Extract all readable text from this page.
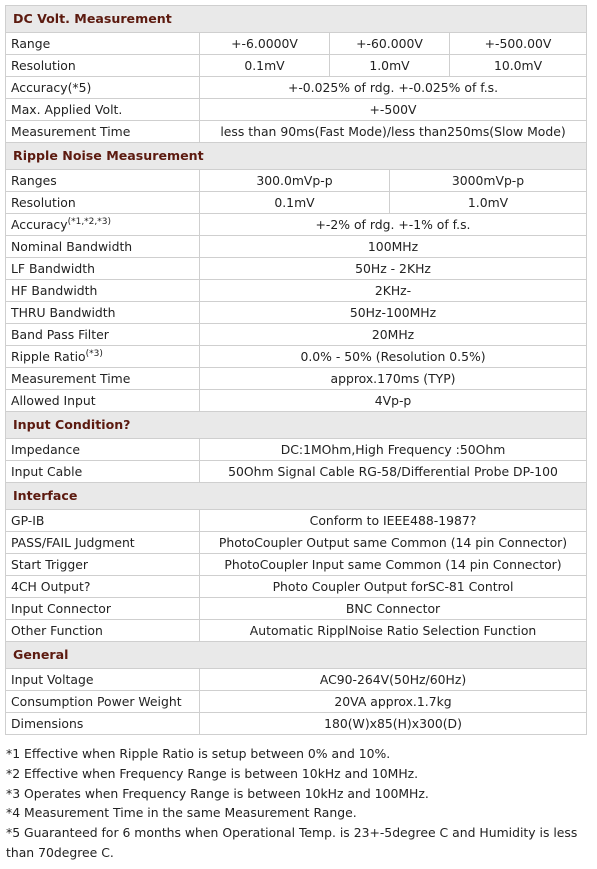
DC Volt. Measurement				
Range	+-6.0000V	+-60.000V		+-500.00V
Resolution	0.1mV	1.0mV		10.0mV
Accuracy(*5)	+-0.025% of rdg. +-0.025% of f.s.			
Max. Applied Volt.	+-500V			
Measurement Time	less than 90ms(Fast Mode)/less than250ms(Slow Mode)			
Ripple Noise Measurement				
Ranges	300.0mVp-p		3000mVp-p	
Resolution	0.1mV		1.0mV	
Accuracy$^{(*1,*2,*3)}$	+-2% of rdg. +-1% of f.s.			
Nominal Bandwidth	100MHz			
LF Bandwidth	50Hz - 2KHz			
HF Bandwidth	2KHz-			
THRU Bandwidth	50Hz-100MHz			
Band Pass Filter	20MHz			
Ripple Ratio$^{(*3)}$	0.0% - 50% (Resolution 0.5%)			
Measurement Time	approx.170ms (TYP)			
Allowed Input	4Vp-p			
Input Condition?				
Impedance	DC:1MOhm,High Frequency :50Ohm			
Input Cable	50Ohm Signal Cable RG-58/Differential Probe DP-100			
Interface				
GP-IB	Conform to IEEE488-1987?			
PASS/FAIL Judgment	PhotoCoupler Output same Common (14 pin Connector)			
Start Trigger	PhotoCoupler Input same Common (14 pin Connector)			
4CH Output?	Photo Coupler Output forSC-81 Control			
Input Connector	BNC Connector			
Other Function	Automatic RipplNoise Ratio Selection Function			
General				
Input Voltage	AC90-264V(50Hz/60Hz)			
Consumption Power Weight	20VA approx.1.7kg			
Dimensions	180(W)x85(H)x300(D)			
*1 Effective when Ripple Ratio is setup between 0% and 10%.
*2 Effective when Frequency Range is between 10kHz and 10MHz.
*3 Operates when Frequency Range is between 10kHz and 100MHz.
*4 Measurement Time in the same Measurement Range.
*5 Guaranteed for 6 months when Operational Temp. is 23+-5degree C and Humidity is less than 70degree C.
